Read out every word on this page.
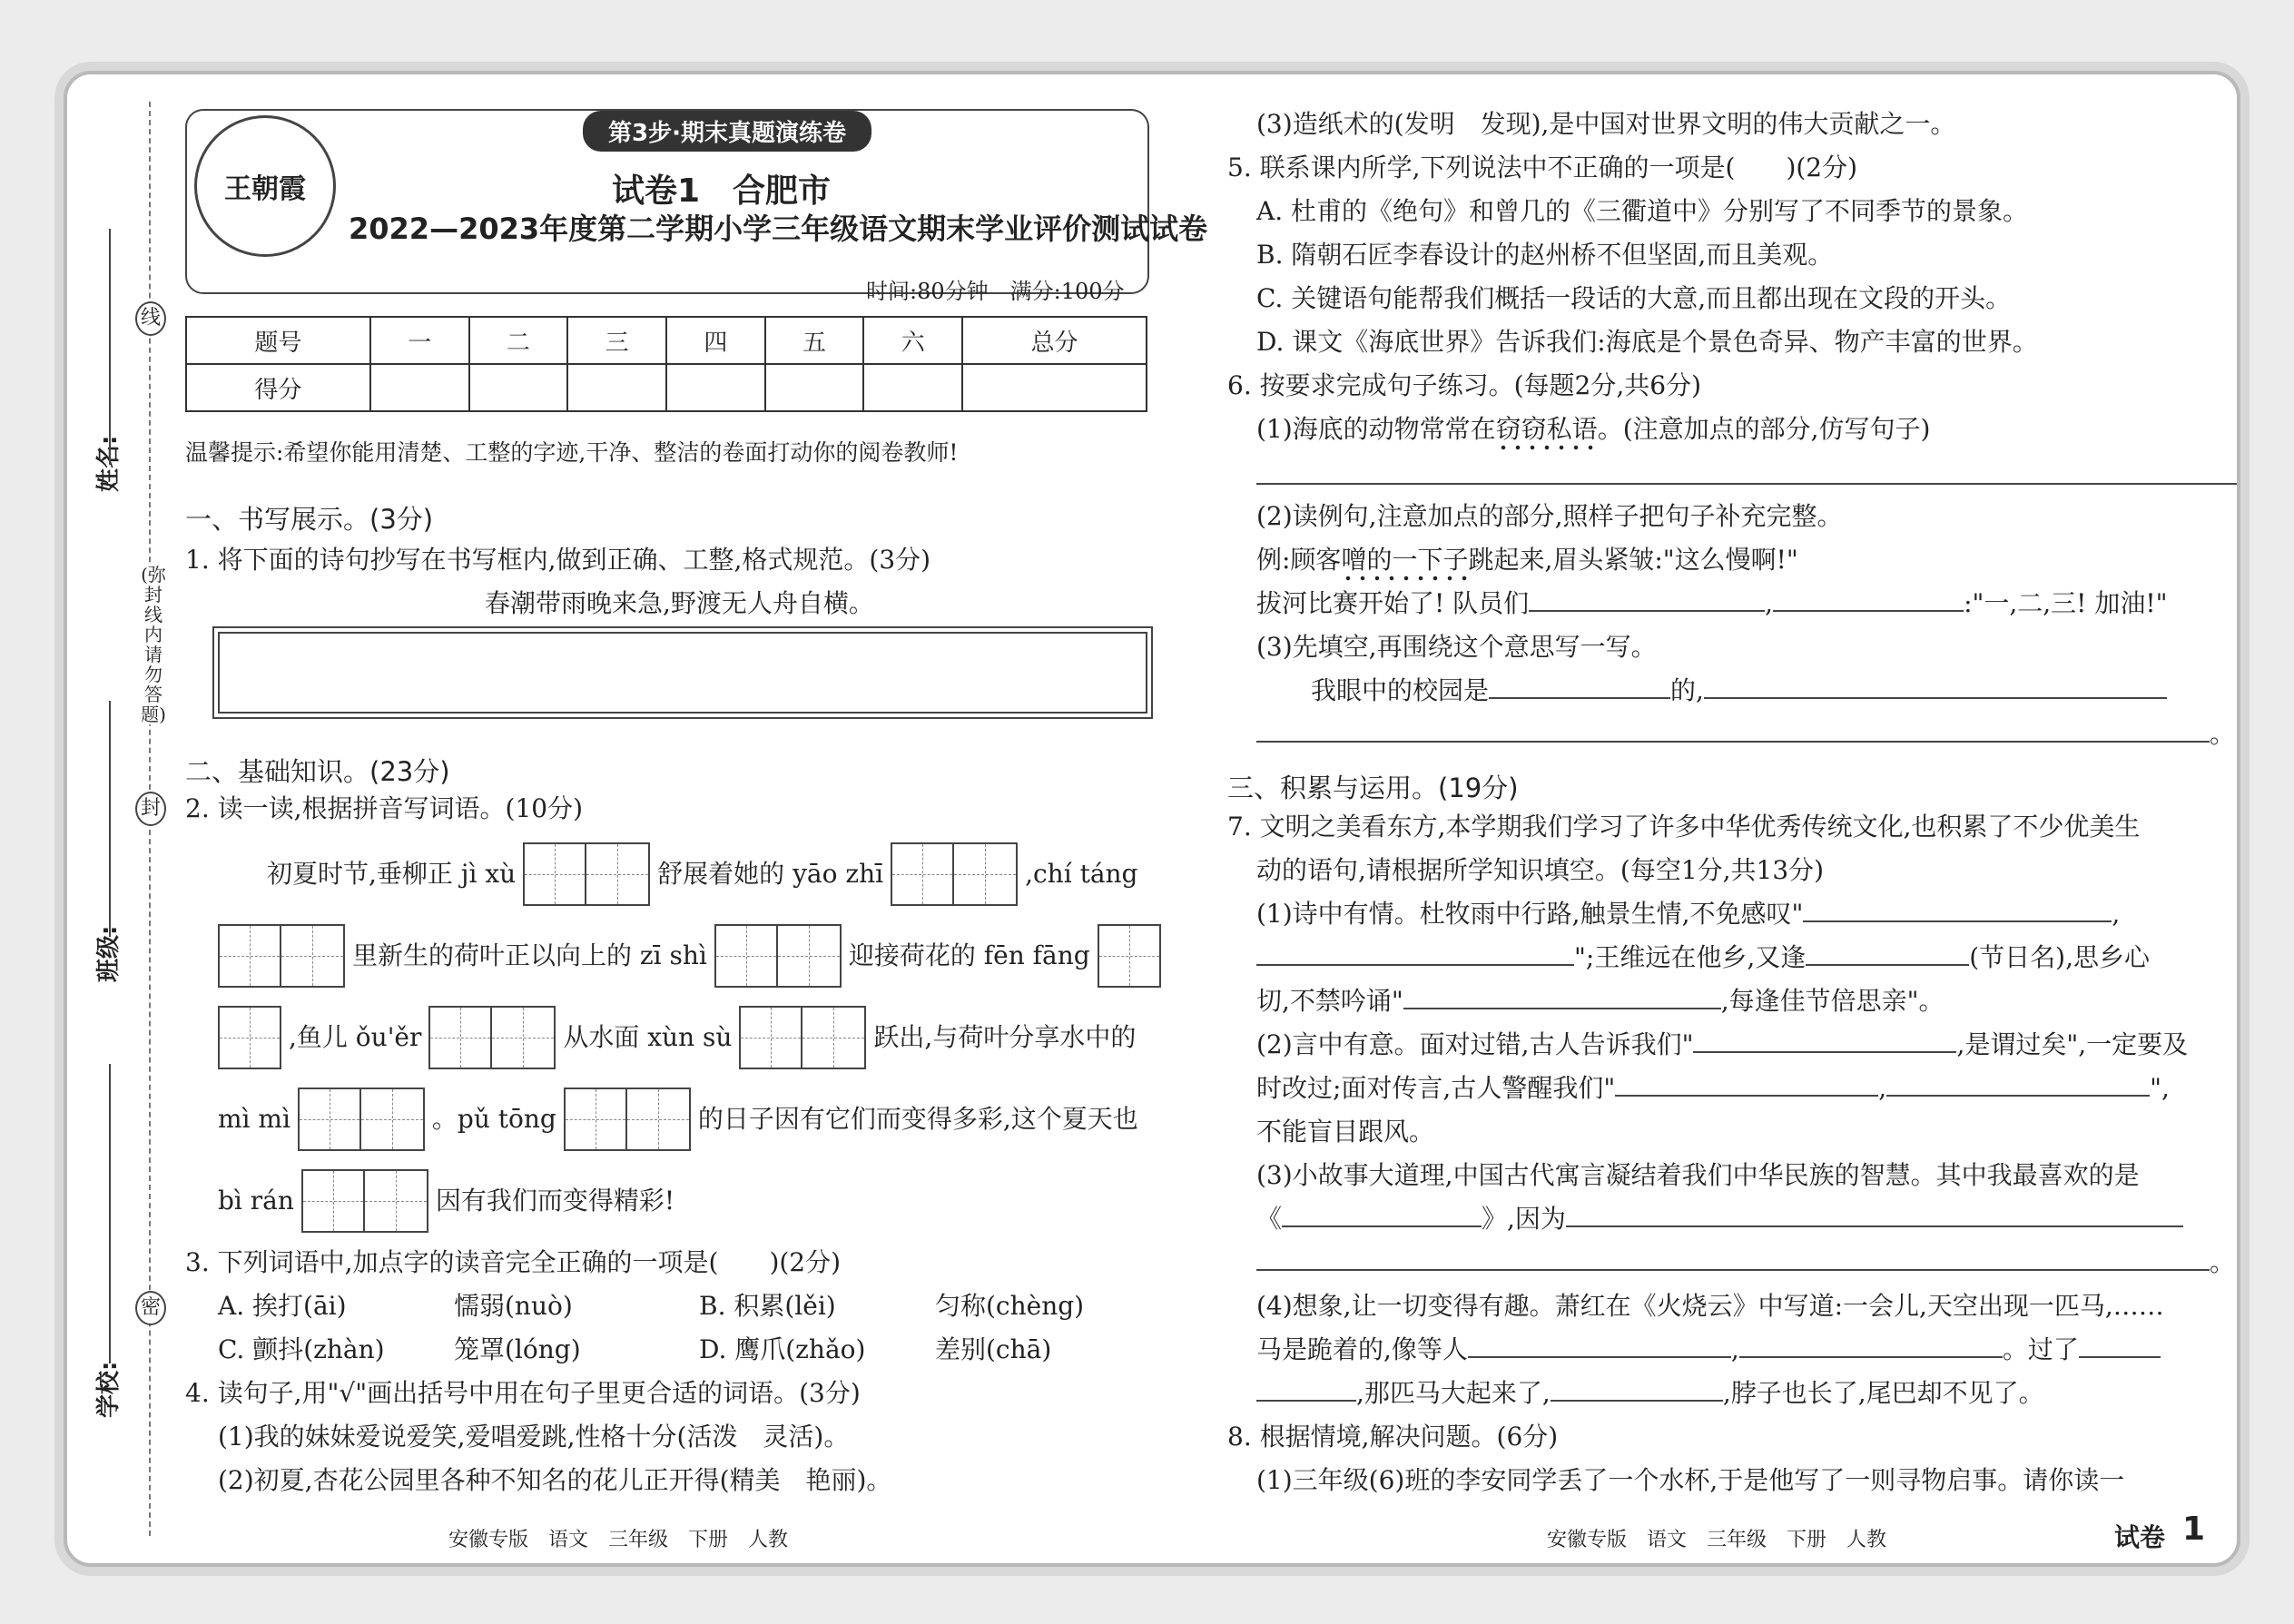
线
封
密
(弥封线内请勿答题)
姓名:
班级:
学校:
王朝霞
第3步·期末真题演练卷
试卷1　合肥市
2022—2023年度第二学期小学三年级语文期末学业评价测试试卷
时间:80分钟　满分:100分
题号	一	二	三	四	五	六	总分
得分							
温馨提示:希望你能用清楚、工整的字迹,干净、整洁的卷面打动你的阅卷教师!
一、书写展示。(3分)
1. 将下面的诗句抄写在书写框内,做到正确、工整,格式规范。(3分)
春潮带雨晚来急,野渡无人舟自横。
二、基础知识。(23分)
2. 读一读,根据拼音写词语。(10分)
初夏时节,垂柳正 jì xù	舒展着她的 yāo zhī	,chí táng
里新生的荷叶正以向上的 zī shì	迎接荷花的 fēn fāng
,鱼儿 ǒu'ěr	从水面 xùn sù	跃出,与荷叶分享水中的
mì mì	。pǔ tōng	的日子因有它们而变得多彩,这个夏天也
bì rán	因有我们而变得精彩!
3. 下列词语中,加点字的读音完全正确的一项是(　　)(2分)
A. 挨打(āi)	懦弱(nuò)	B. 积累(lěi)	匀称(chèng)
C. 颤抖(zhàn)	笼罩(lóng)	D. 鹰爪(zhǎo)	差别(chā)
4. 读句子,用"√"画出括号中用在句子里更合适的词语。(3分)
(1)我的妹妹爱说爱笑,爱唱爱跳,性格十分(活泼　灵活)。
(2)初夏,杏花公园里各种不知名的花儿正开得(精美　艳丽)。
安徽专版　语文　三年级　下册　人教
(3)造纸术的(发明　发现),是中国对世界文明的伟大贡献之一。
5. 联系课内所学,下列说法中不正确的一项是(　　)(2分)
A. 杜甫的《绝句》和曾几的《三衢道中》分别写了不同季节的景象。
B. 隋朝石匠李春设计的赵州桥不但坚固,而且美观。
C. 关键语句能帮我们概括一段话的大意,而且都出现在文段的开头。
D. 课文《海底世界》告诉我们:海底是个景色奇异、物产丰富的世界。
6. 按要求完成句子练习。(每题2分,共6分)
(1)海底的动物常常在窃窃私语。(注意加点的部分,仿写句子)
(2)读例句,注意加点的部分,照样子把句子补充完整。
例:顾客噌的一下子跳起来,眉头紧皱:"这么慢啊!"
拔河比赛开始了! 队员们	,	:"一,二,三! 加油!"
(3)先填空,再围绕这个意思写一写。
我眼中的校园是	的,
。
三、积累与运用。(19分)
7. 文明之美看东方,本学期我们学习了许多中华优秀传统文化,也积累了不少优美生
动的语句,请根据所学知识填空。(每空1分,共13分)
(1)诗中有情。杜牧雨中行路,触景生情,不免感叹"	,
";王维远在他乡,又逢	(节日名),思乡心
切,不禁吟诵"	,每逢佳节倍思亲"。
(2)言中有意。面对过错,古人告诉我们"	,是谓过矣",一定要及
时改过;面对传言,古人警醒我们"	,	",
不能盲目跟风。
(3)小故事大道理,中国古代寓言凝结着我们中华民族的智慧。其中我最喜欢的是
《	》,因为
。
(4)想象,让一切变得有趣。萧红在《火烧云》中写道:一会儿,天空出现一匹马,……
马是跪着的,像等人	,	。过了
,那匹马大起来了,	,脖子也长了,尾巴却不见了。
8. 根据情境,解决问题。(6分)
(1)三年级(6)班的李安同学丢了一个水杯,于是他写了一则寻物启事。请你读一
安徽专版　语文　三年级　下册　人教	试卷 1
